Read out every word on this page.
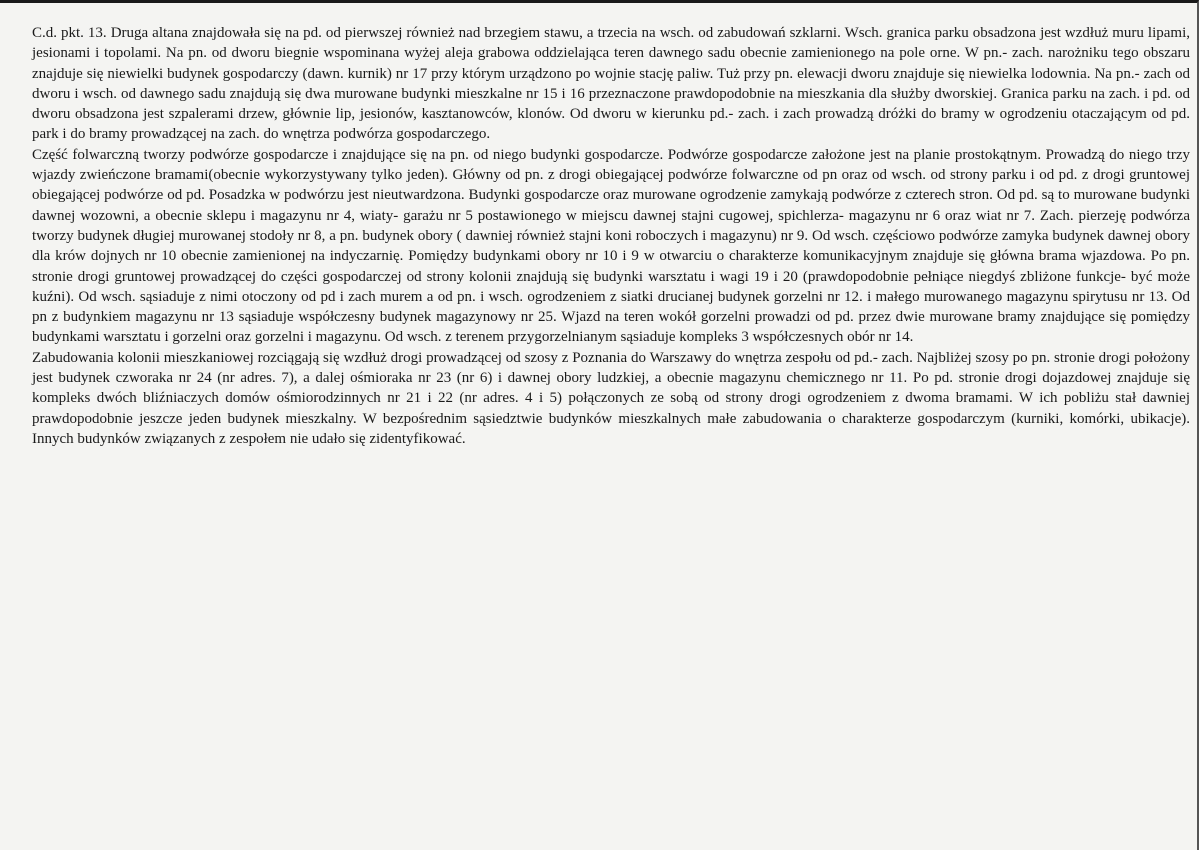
C.d. pkt. 13. Druga altana znajdowała się na pd. od pierwszej również nad brzegiem stawu, a trzecia na wsch. od zabudowań szklarni. Wsch. granica parku obsadzona jest wzdłuż muru lipami, jesionami i topolami. Na pn. od dworu biegnie wspominana wyżej aleja grabowa oddzielająca teren dawnego sadu obecnie zamienionego na pole orne. W pn.- zach. narożniku tego obszaru znajduje się niewielki budynek gospodarczy (dawn. kurnik) nr 17 przy którym urządzono po wojnie stację paliw. Tuż przy pn. elewacji dworu znajduje się niewielka lodownia. Na pn.- zach od dworu i wsch. od dawnego sadu znajdują się dwa murowane budynki mieszkalne nr 15 i 16 przeznaczone prawdopodobnie na mieszkania dla służby dworskiej. Granica parku na zach. i pd. od dworu obsadzona jest szpalerami drzew, głównie lip, jesionów, kasztanowców, klonów. Od dworu w kierunku pd.- zach. i zach prowadzą dróżki do bramy w ogrodzeniu otaczającym od pd. park i do bramy prowadzącej na zach. do wnętrza podwórza gospodarczego.

Część folwarczną tworzy podwórze gospodarcze i znajdujące się na pn. od niego budynki gospodarcze. Podwórze gospodarcze założone jest na planie prostokątnym. Prowadzą do niego trzy wjazdy zwieńczone bramami(obecnie wykorzystywany tylko jeden). Główny od pn. z drogi obiegającej podwórze folwarczne od pn oraz od wsch. od strony parku i od pd. z drogi gruntowej obiegającej podwórze od pd. Posadzka w podwórzu jest nieutwardzona. Budynki gospodarcze oraz murowane ogrodzenie zamykają podwórze z czterech stron. Od pd. są to murowane budynki dawnej wozowni, a obecnie sklepu i magazynu nr 4, wiaty- garażu nr 5 postawionego w miejscu dawnej stajni cugowej, spichlerza- magazynu nr 6 oraz wiat nr 7. Zach. pierzeję podwórza tworzy budynek długiej murowanej stodoły nr 8, a pn. budynek obory ( dawniej również stajni koni roboczych i magazynu) nr 9. Od wsch. częściowo podwórze zamyka budynek dawnej obory dla krów dojnych nr 10 obecnie zamienionej na indyczarnię. Pomiędzy budynkami obory nr 10 i 9 w otwarciu o charakterze komunikacyjnym znajduje się główna brama wjazdowa. Po pn. stronie drogi gruntowej prowadzącej do części gospodarczej od strony kolonii znajdują się budynki warsztatu i wagi 19 i 20 (prawdopodobnie pełniące niegdyś zbliżone funkcje- być może kuźni). Od wsch. sąsiaduje z nimi otoczony od pd i zach murem a od pn. i wsch. ogrodzeniem z siatki drucianej budynek gorzelni nr 12. i małego murowanego magazynu spirytusu nr 13. Od pn z budynkiem magazynu nr 13 sąsiaduje współczesny budynek magazynowy nr 25. Wjazd na teren wokół gorzelni prowadzi od pd. przez dwie murowane bramy znajdujące się pomiędzy budynkami warsztatu i gorzelni oraz gorzelni i magazynu. Od wsch. z terenem przygorzelnianym sąsiaduje kompleks 3 współczesnych obór nr 14.

Zabudowania kolonii mieszkaniowej rozciągają się wzdłuż drogi prowadzącej od szosy z Poznania do Warszawy do wnętrza zespołu od pd.- zach. Najbliżej szosy po pn. stronie drogi położony jest budynek czworaka nr 24 (nr adres. 7), a dalej ośmioraka nr 23 (nr 6) i dawnej obory ludzkiej, a obecnie magazynu chemicznego nr 11. Po pd. stronie drogi dojazdowej znajduje się kompleks dwóch bliźniaczych domów ośmiorodzinnych nr 21 i 22 (nr adres. 4 i 5) połączonych ze sobą od strony drogi ogrodzeniem z dwoma bramami. W ich pobliżu stał dawniej prawdopodobnie jeszcze jeden budynek mieszkalny. W bezpośrednim sąsiedztwie budynków mieszkalnych małe zabudowania o charakterze gospodarczym (kurniki, komórki, ubikacje). Innych budynków związanych z zespołem nie udało się zidentyfikować.
